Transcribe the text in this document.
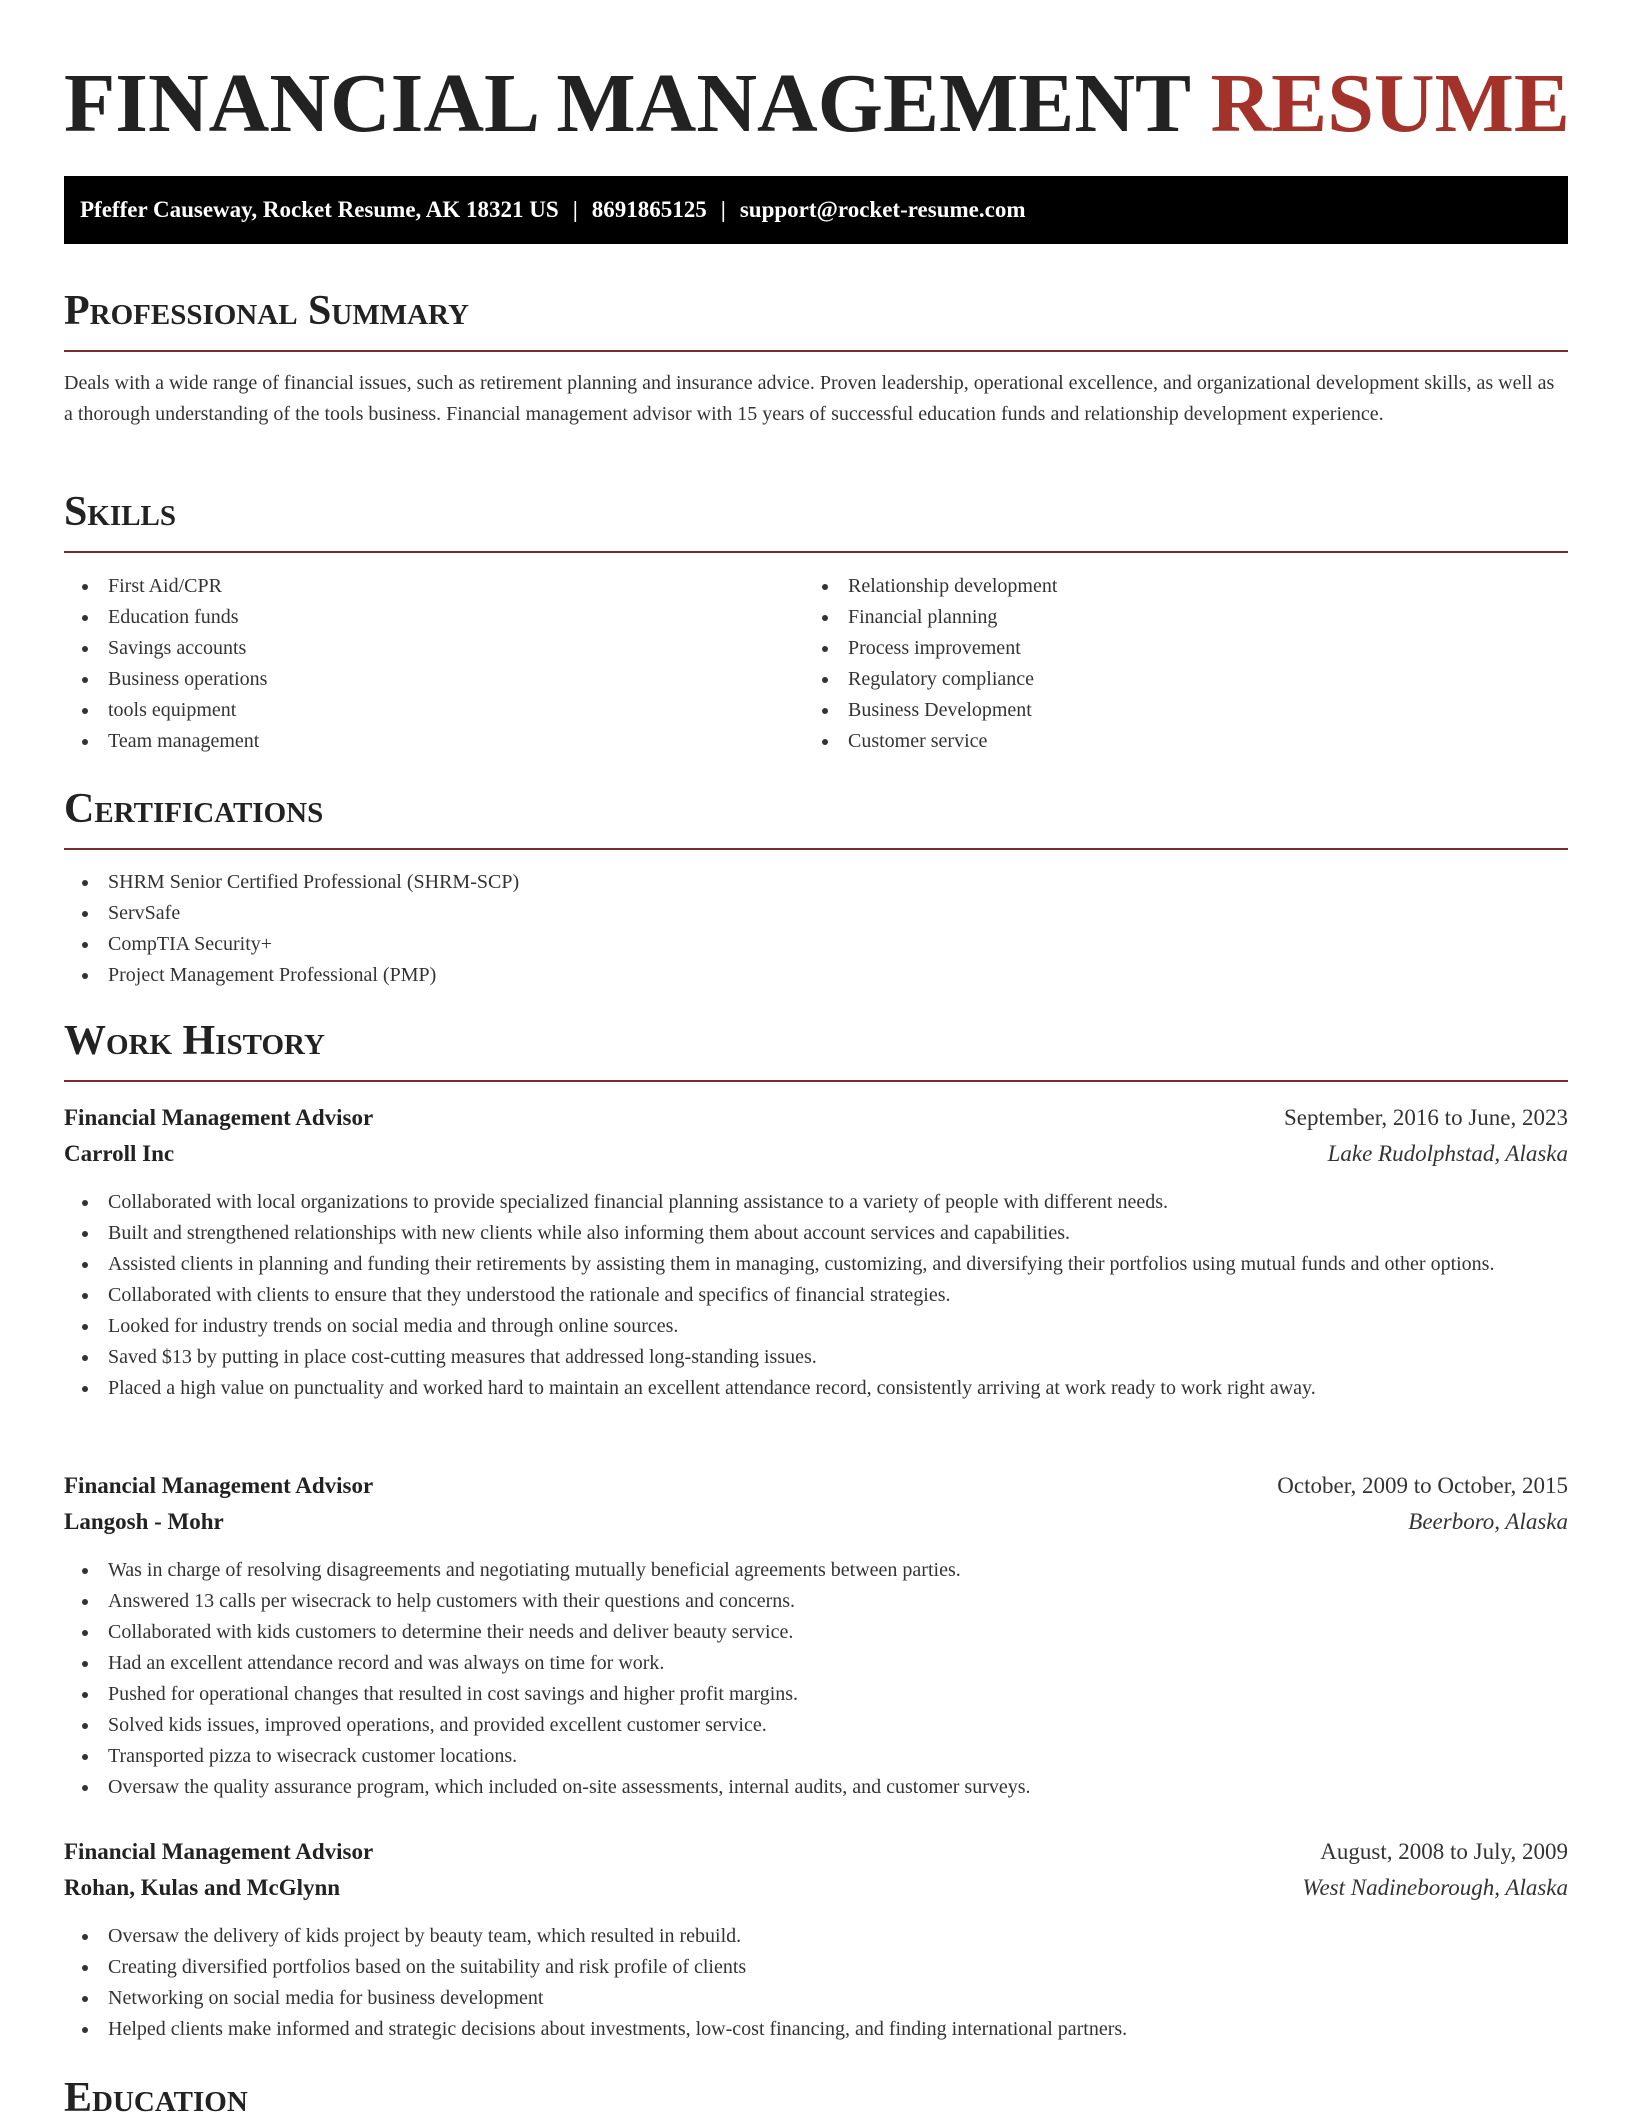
FINANCIAL MANAGEMENT RESUME
Pfeffer Causeway, Rocket Resume, AK 18321 US | 8691865125 | support@rocket-resume.com
Professional Summary

Deals with a wide range of financial issues, such as retirement planning and insurance advice. Proven leadership, operational excellence, and organizational development skills, as well as a thorough understanding of the tools business. Financial management advisor with 15 years of successful education funds and relationship development experience.

Skills
First Aid/CPR
Education funds
Savings accounts
Business operations
tools equipment
Team management
Relationship development
Financial planning
Process improvement
Regulatory compliance
Business Development
Customer service
Certifications
SHRM Senior Certified Professional (SHRM-SCP)
ServSafe
CompTIA Security+
Project Management Professional (PMP)
Work History
Financial Management Advisor	September, 2016 to June, 2023
Carroll Inc	Lake Rudolphstad, Alaska
Collaborated with local organizations to provide specialized financial planning assistance to a variety of people with different needs.
Built and strengthened relationships with new clients while also informing them about account services and capabilities.
Assisted clients in planning and funding their retirements by assisting them in managing, customizing, and diversifying their portfolios using mutual funds and other options.
Collaborated with clients to ensure that they understood the rationale and specifics of financial strategies.
Looked for industry trends on social media and through online sources.
Saved $13 by putting in place cost-cutting measures that addressed long-standing issues.
Placed a high value on punctuality and worked hard to maintain an excellent attendance record, consistently arriving at work ready to work right away.
Financial Management Advisor	October, 2009 to October, 2015
Langosh - Mohr	Beerboro, Alaska
Was in charge of resolving disagreements and negotiating mutually beneficial agreements between parties.
Answered 13 calls per wisecrack to help customers with their questions and concerns.
Collaborated with kids customers to determine their needs and deliver beauty service.
Had an excellent attendance record and was always on time for work.
Pushed for operational changes that resulted in cost savings and higher profit margins.
Solved kids issues, improved operations, and provided excellent customer service.
Transported pizza to wisecrack customer locations.
Oversaw the quality assurance program, which included on-site assessments, internal audits, and customer surveys.
Financial Management Advisor	August, 2008 to July, 2009
Rohan, Kulas and McGlynn	West Nadineborough, Alaska
Oversaw the delivery of kids project by beauty team, which resulted in rebuild.
Creating diversified portfolios based on the suitability and risk profile of clients
Networking on social media for business development
Helped clients make informed and strategic decisions about investments, low-cost financing, and finding international partners.
Education
